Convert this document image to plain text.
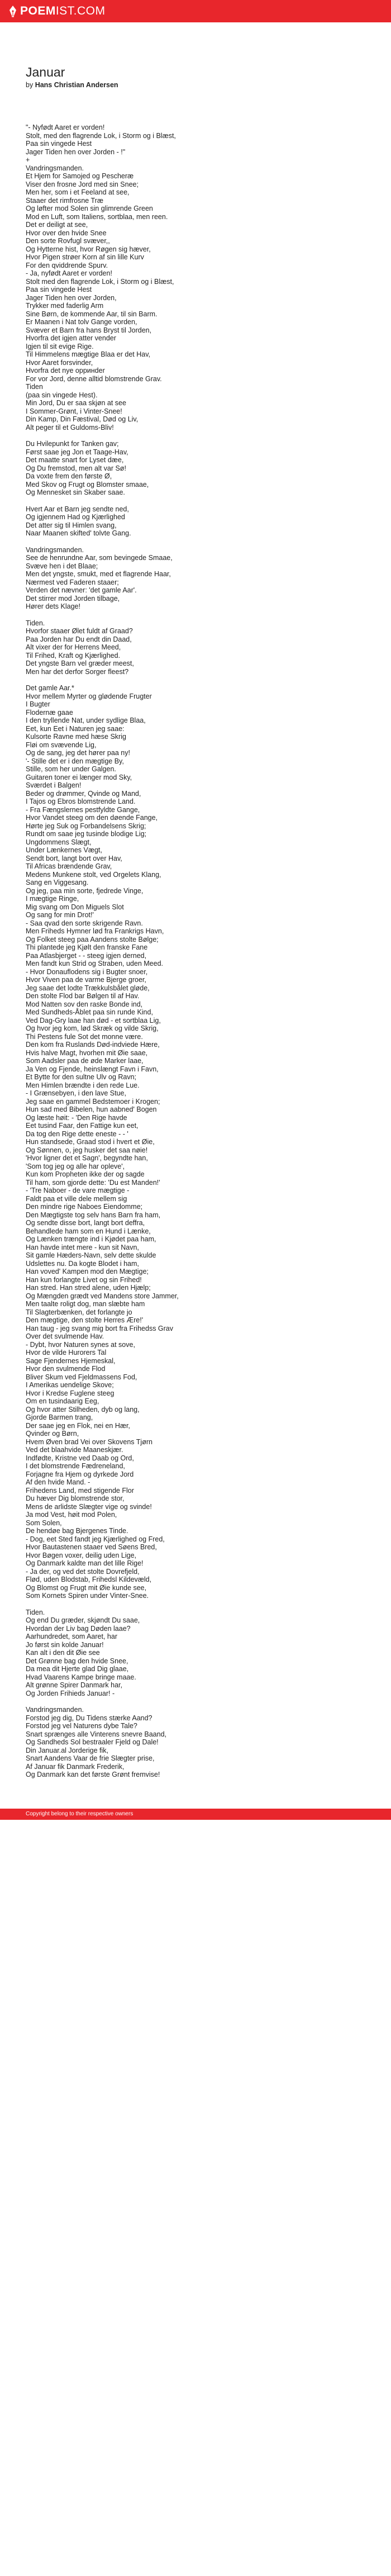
POEM IST.COM
Januar
by Hans Christian Andersen

"- Nyfødt Aaret er vorden!
Stolt, med den flagrende Lok, i Storm og i Blæst,
Paa sin vingede Hest
Jager Tiden hen over Jorden - !"
+
Vandringsmanden.
Et Hjem for Samojed og Pescheræ
Viser den frosne Jord med sin Snee;
Men her, som i et Feeland at see,
Staaer det rimfrosne Træ
Og løfter mod Solen sin glimrende Green
Mod en Luft, som Italiens, sortblaa, men reen.
Det er deiligt at see,
Hvor over den hvide Snee
Den sorte Rovfugl svæver,,
Og Hytterne hist, hvor Røgen sig hæver,
Hvor Pigen strøer Korn af sin lille Kurv
For den qviddrende Spurv.
- Ja, nyfødt Aaret er vorden!
Stolt med den flagrende Lok, i Storm og i Blæst,
Paa sin vingede Hest
Jager Tiden hen over Jorden,
Trykker med faderlig Arm
Sine Børn, de kommende Aar, til sin Barm.
Er Maanen i Nat tolv Gange vorden,
Svæver et Barn fra hans Bryst til Jorden,
Hvorfra det igjen atter vender
Igjen til sit evige Rige.
Til Himmelens mægtige Blaa er det Hav,
Hvor Aaret forsvinder,
Hvorfra det nye opринder
For vor Jord, denne alltid blomstrende Grav.
Tiden
(paa sin vingede Hest).
Min Jord, Du er saa skjøn at see
I Sommer-Grønt, i Vinter-Snee!
Din Kamp, Din Fæstival, Død og Liv,
Alt peger til et Guldoms-Bliv!

Du Hvilepunkt for Tanken gav;
Først saae jeg Jon et Taage-Hav,
Det maatte snart for Lyset dæe,
Og Du fremstod, men alt var Sø!
Da voxte frem den første Ø,
Med Skov og Frugt og Blomster smaae,
Og Mennesket sin Skaber saae.

Hvert Aar et Barn jeg sendte ned,
Og igjennem Had og Kjærlighed
Det atter sig til Himlen svang,
Naar Maanen skifted' tolvte Gang.

Vandringsmanden.
See de henrundne Aar, som bevingede Smaae,
Svæve hen i det Blaae;
Men det yngste, smukt, med et flagrende Haar,
Nærmest ved Faderen staaer;
Verden det nævner: 'det gamle Aar'.
Det stirrer mod Jorden tilbage,
Hører dets Klage!

Tiden.
Hvorfor staaer Ølet fuldt af Graad?
Paa Jorden har Du endt din Daad,
Alt vixer der for Herrens Meed,
Til Frihed, Kraft og Kjærlighed.
Det yngste Barn vel græder meest,
Men har det derfor Sorger fleest?

Det gamle Aar.*
Hvor mellem Myrter og glødende Frugter
I Bugter
Flodernæ gaae
I den tryllende Nat, under sydlige Blaa,
Eet, kun Eet i Naturen jeg saae:
Kulsorte Ravne med hæse Skrig
Fløi om svævende Lig,
Og de sang, jeg det hører paa ny!
'- Stille det er i den mægtige By,
Stille, som her under Galgen.
Guitaren toner ei længer mod Sky,
Sværdet i Balgen!
Beder og drømmer, Qvinde og Mand,
I Tajos og Ebros blomstrende Land.
- Fra Fængslernes pestfyldte Gange,
Hvor Vandet steeg om den døende Fange,
Hørte jeg Suk og Forbandelsens Skrig;
Rundt om saae jeg tusinde blodige Lig;
Ungdommens Slægt,
Under Lænkernes Vægt,
Sendt bort, langt bort over Hav,
Til Africas brændende Grav,
Medens Munkene stolt, ved Orgelets Klang,
Sang en Viggesang.
Og jeg, paa min sorte, fjedrede Vinge,
I mægtige Ringe,
Mig svang om Don Miguels Slot
Og sang for min Drot!'
- Saa qvad den sorte skrigende Ravn.
Men Friheds Hymner lød fra Frankrigs Havn,
Og Folket steeg paa Aandens stolte Bølge;
Thi plantede jeg Kjølt den franske Fane
Paa Atlasbjerget - - steeg igjen derned,
Men fandt kun Strid og Straben, uden Meed.
- Hvor Donauflodens sig i Bugter snoer,
Hvor Viven paa de varme Bjerge groer,
Jeg saae det lodte Trækkulsbålet gløde,
Den stolte Flod bar Bølgen til af Hav.
Mod Natten sov den raske Bonde ind,
Med Sundheds-Åblet paa sin runde Kind,
Ved Dag-Gry laae han død - et sortblaa Lig,
Og hvor jeg kom, lød Skræk og vilde Skrig,
Thi Pestens fule Sot det monne være.
Den kom fra Ruslands Død-indviede Hære,
Hvis halve Magt, hvorhen mit Øie saae,
Som Aadsler paa de øde Marker laae,
Ja Ven og Fjende, heinslængt Favn i Favn,
Et Bytte for den sultne Ulv og Ravn;
Men Himlen brændte i den rede Lue.
- I Grænsebyen, i den lave Stue,
Jeg saae en gammel Bedstemoer i Krogen;
Hun sad med Bibelen, hun aabned' Bogen
Og læste høit: - 'Den Rige havde
Eet tusind Faar, den Fattige kun eet,
Da tog den Rige dette eneste - - '
Hun standsede, Graad stod i hvert et Øie,
Og Sønnen, o, jeg husker det saa nøie!
'Hvor ligner det et Sagn', begyndte han,
'Som tog jeg og alle har opleve',
Kun kom Propheten ikke der og sagde
Til ham, som gjorde dette: 'Du est Manden!'
- 'Tre Naboer - de vare mægtige -
Faldt paa et ville dele mellem sig
Den mindre rige Naboes Eiendomme;
Den Mægtigste tog selv hans Barn fra ham,
Og sendte disse bort, langt bort deffra,
Behandlede ham som en Hund i Lænke,
Og Lænken trængte ind i Kjødet paa ham,
Han havde intet mere - kun sit Navn,
Sit gamle Hæders-Navn, selv dette skulde
Udslettes nu. Da kogte Blodet i ham,
Han voved' Kampen mod den Mægtige;
Han kun forlangte Livet og sin Frihed!
Han stred. Han stred alene, uden Hjælp;
Og Mængden grædt ved Mandens store Jammer,
Men taalte roligt dog, man slæbte ham
Til Slagterbænken, det forlangte jo
Den mægtige, den stolte Herres Ære!'
Han taug - jeg svang mig bort fra Frihedss Grav
Over det svulmende Hav.
- Dybt, hvor Naturen synes at sove,
Hvor de vilde Hurorers Tal
Sage Fjendernes Hjemeskal,
Hvor den svulmende Flod
Bliver Skum ved Fjeldmassens Fod,
I Amerikas uendelige Skove;
Hvor i Kredse Fuglene steeg
Om en tusindaarig Eeg,
Og hvor atter Stilheden, dyb og lang,
Gjorde Barmen trang,
Der saae jeg en Flok, nei en Hær,
Qvinder og Børn,
Hvem Øven brad Vei over Skovens Tjørn
Ved det blaahvide Maaneskjær.
Indfødte, Kristne ved Daab og Ord,
I det blomstrende Fædreneland,
Forjagne fra Hjem og dyrkede Jord
Af den hvide Mand. -
Frihedens Land, med stigende Flor
Du hæver Dig blomstrende stor,
Mens de arlidste Slægter vige og svinde!
Ja mod Vest, høit mod Polen,
Som Solen,
De hendøe bag Bjergenes Tinde.
- Dog, eet Sted fandt jeg Kjærlighed og Fred,
Hvor Bautastenen staaer ved Søens Bred,
Hvor Bøgen voxer, deilig uden Lige,
Og Danmark kaldte man det lille Rige!
- Ja der, og ved det stolte Dovrefjeld,
Flød, uden Blodstab, Frihedsl Kildevæld,
Og Blomst og Frugt mit Øie kunde see,
Som Kornets Spiren under Vinter-Snee.

Tiden.
Og end Du græder, skjøndt Du saae,
Hvordan der Liv bag Døden laae?
Aarhundredet, som Aaret, har
Jo først sin kolde Januar!
Kan alt i den dit Øie see
Det Grønne bag den hvide Snee,
Da mea dit Hjerte glad Dig glaae,
Hvad Vaarens Kampe bringe maae.
Alt grønne Spirer Danmark har,
Og Jorden Frihieds Januar! -

Vandringsmanden.
Forstod jeg dig, Du Tidens stærke Aand?
Forstod jeg vel Naturens dybe Tale?
Snart sprænges alle Vinterens snevre Baand,
Og Sandheds Sol bestraaler Fjeld og Dale!
Din Januar.al Jorderige fik,
Snart Aandens Vaar de frie Slægter prise,
Af Januar fik Danmark Frederik,
Og Danmark kan det første Grønt fremvise!

Copyright belong to their respective owners
